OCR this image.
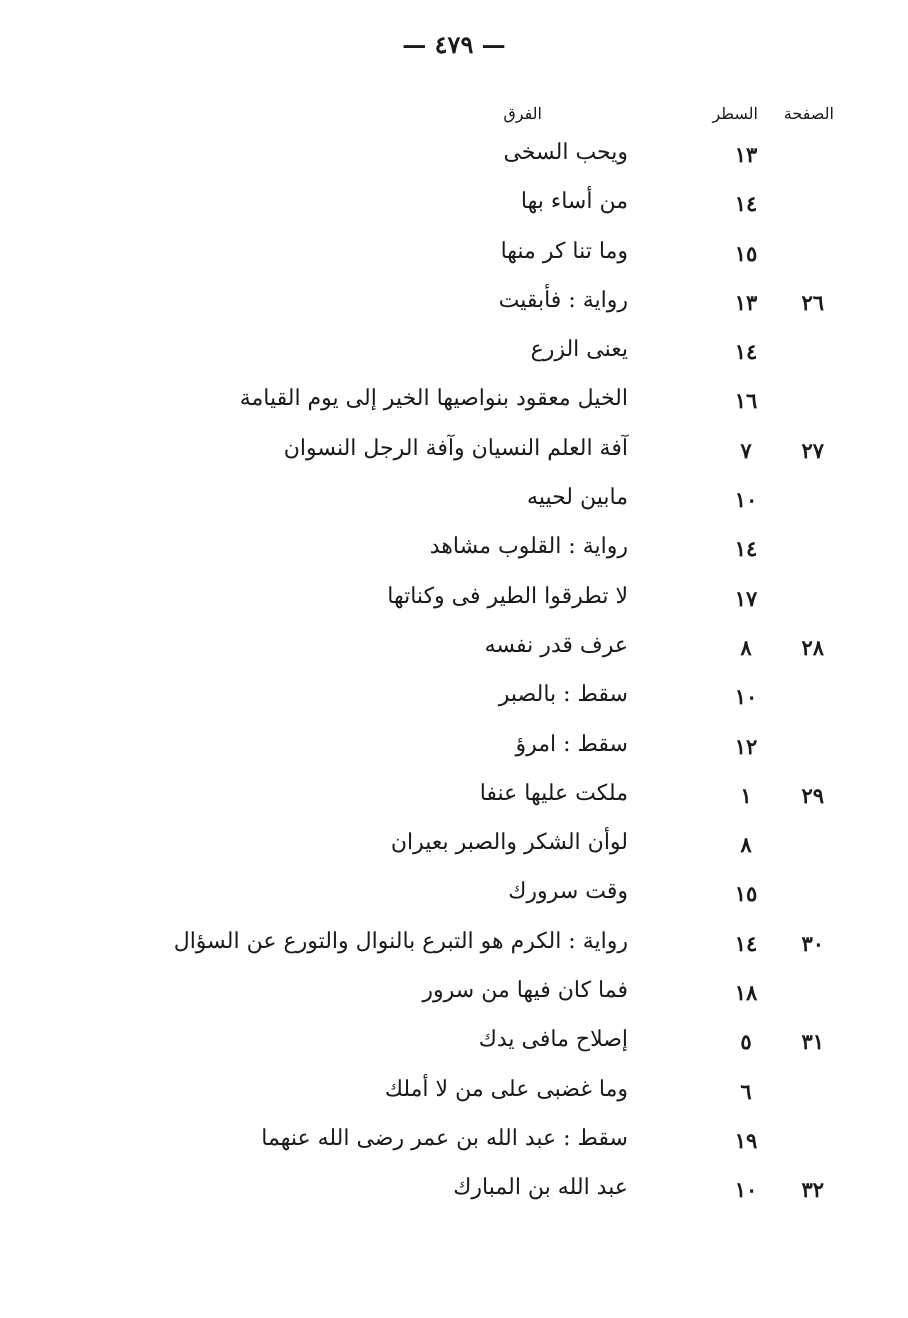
— ٤٧٩ —
الصفحة
السطر
الفرق
١٣
ويحب السخى
١٤
من أساء بها
١٥
وما تنا كر منها
٢٦
١٣
رواية : فأبقيت
١٤
يعنى الزرع
١٦
الخيل معقود بنواصيها الخير إلى يوم القيامة
٢٧
٧
آفة العلم النسيان وآفة الرجل النسوان
١٠
مابين لحييه
١٤
رواية : القلوب مشاهد
١٧
لا تطرقوا الطير فى وكناتها
٢٨
٨
عرف قدر نفسه
١٠
سقط : بالصبر
١٢
سقط : امرؤ
٢٩
١
ملكت عليها عنفا
٨
لوأن الشكر والصبر بعيران
١٥
وقت سرورك
٣٠
١٤
رواية : الكرم هو التبرع بالنوال والتورع عن السؤال
١٨
فما كان فيها من سرور
٣١
٥
إصلاح مافى يدك
٦
وما غضبى على من لا أملك
١٩
سقط : عبد الله بن عمر رضى الله عنهما
٣٢
١٠
عبد الله بن المبارك
